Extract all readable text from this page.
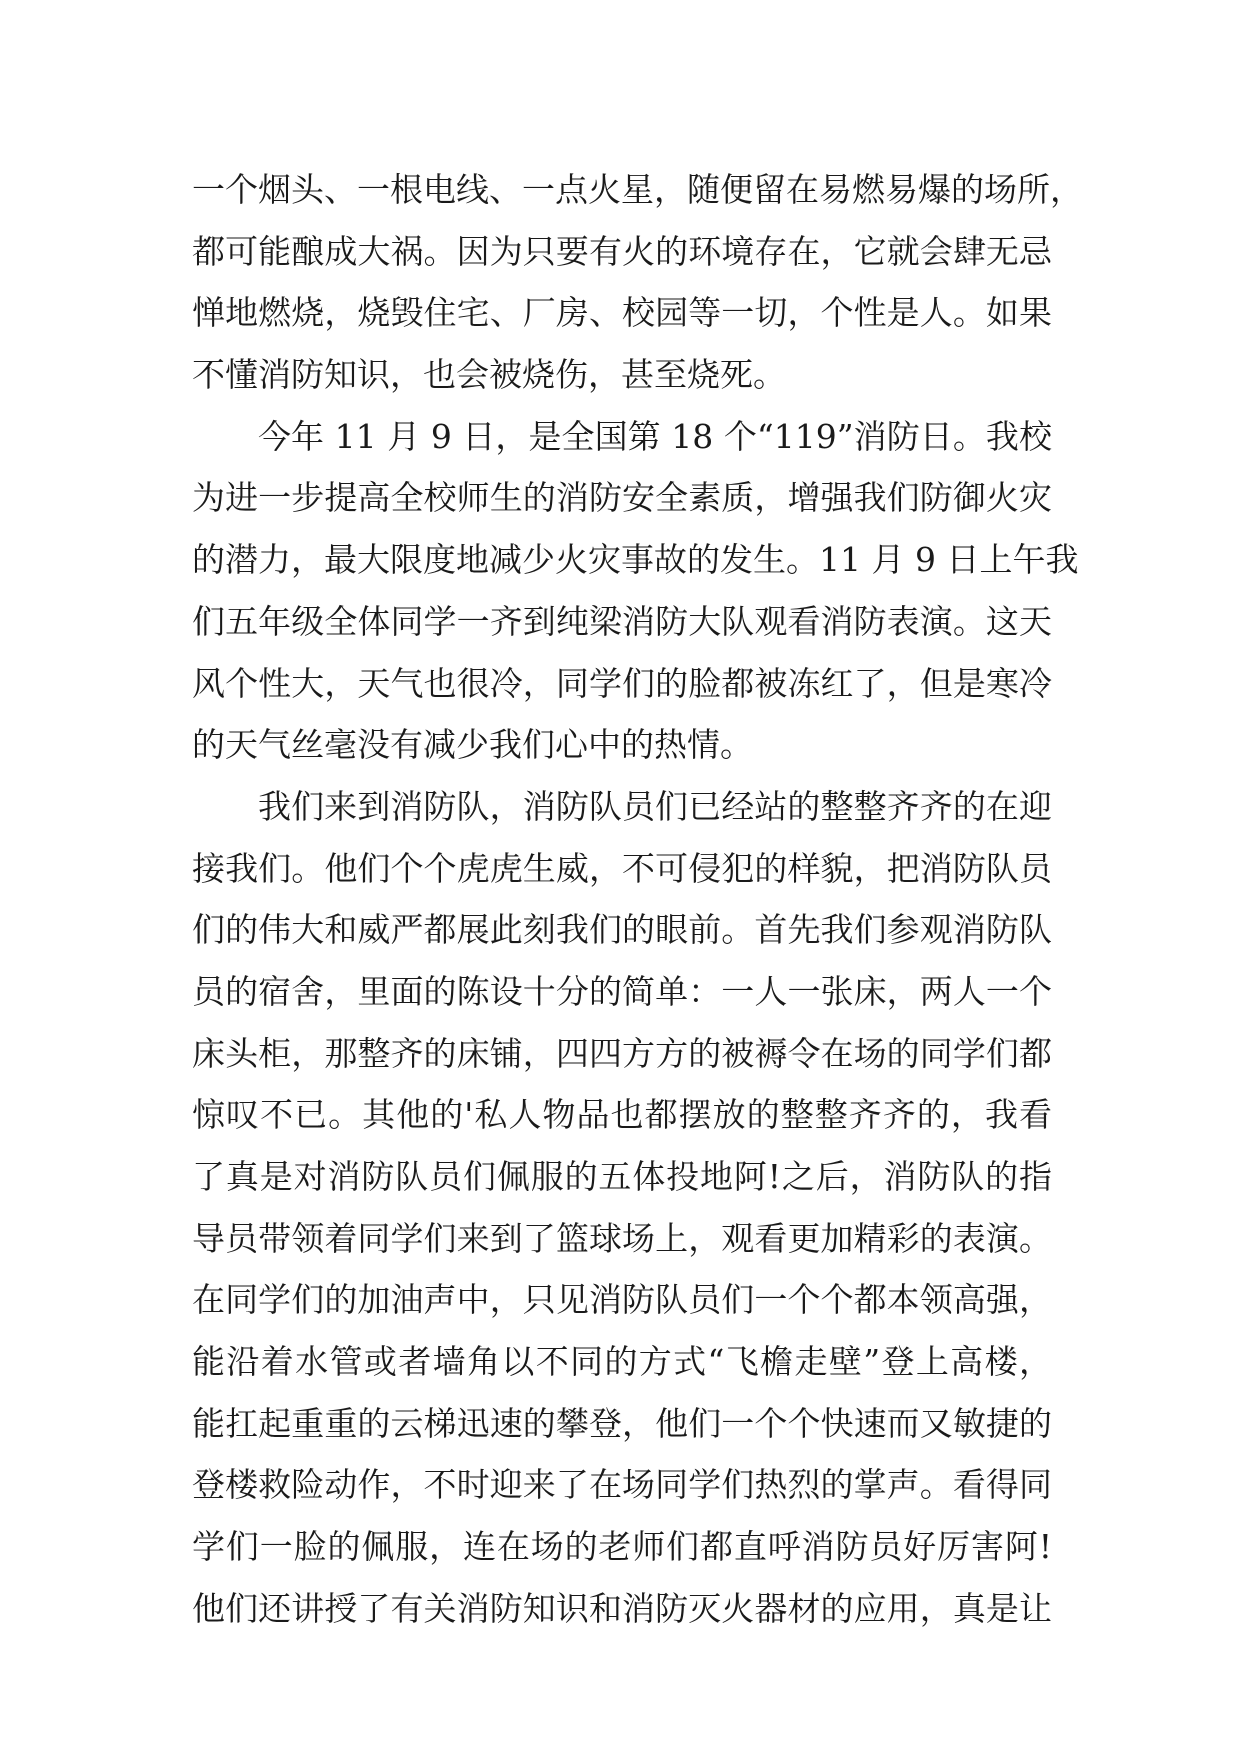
一个烟头、一根电线、一点火星，随便留在易燃易爆的场所，
都可能酿成大祸。因为只要有火的环境存在，它就会肆无忌
惮地燃烧，烧毁住宅、厂房、校园等一切，个性是人。如果
不懂消防知识，也会被烧伤，甚至烧死。
今年 11 月 9 日，是全国第 18 个“119”消防日。我校
为进一步提高全校师生的消防安全素质，增强我们防御火灾
的潜力，最大限度地减少火灾事故的发生。11 月 9 日上午我
们五年级全体同学一齐到纯梁消防大队观看消防表演。这天
风个性大，天气也很冷，同学们的脸都被冻红了，但是寒冷
的天气丝毫没有减少我们心中的热情。
我们来到消防队，消防队员们已经站的整整齐齐的在迎
接我们。他们个个虎虎生威，不可侵犯的样貌，把消防队员
们的伟大和威严都展此刻我们的眼前。首先我们参观消防队
员的宿舍，里面的陈设十分的简单：一人一张床，两人一个
床头柜，那整齐的床铺，四四方方的被褥令在场的同学们都
惊叹不已。其他的'私人物品也都摆放的整整齐齐的，我看
了真是对消防队员们佩服的五体投地阿!之后，消防队的指
导员带领着同学们来到了篮球场上，观看更加精彩的表演。
在同学们的加油声中，只见消防队员们一个个都本领高强，
能沿着水管或者墙角以不同的方式“飞檐走壁”登上高楼，
能扛起重重的云梯迅速的攀登，他们一个个快速而又敏捷的
登楼救险动作，不时迎来了在场同学们热烈的掌声。看得同
学们一脸的佩服，连在场的老师们都直呼消防员好厉害阿!
他们还讲授了有关消防知识和消防灭火器材的应用，真是让
